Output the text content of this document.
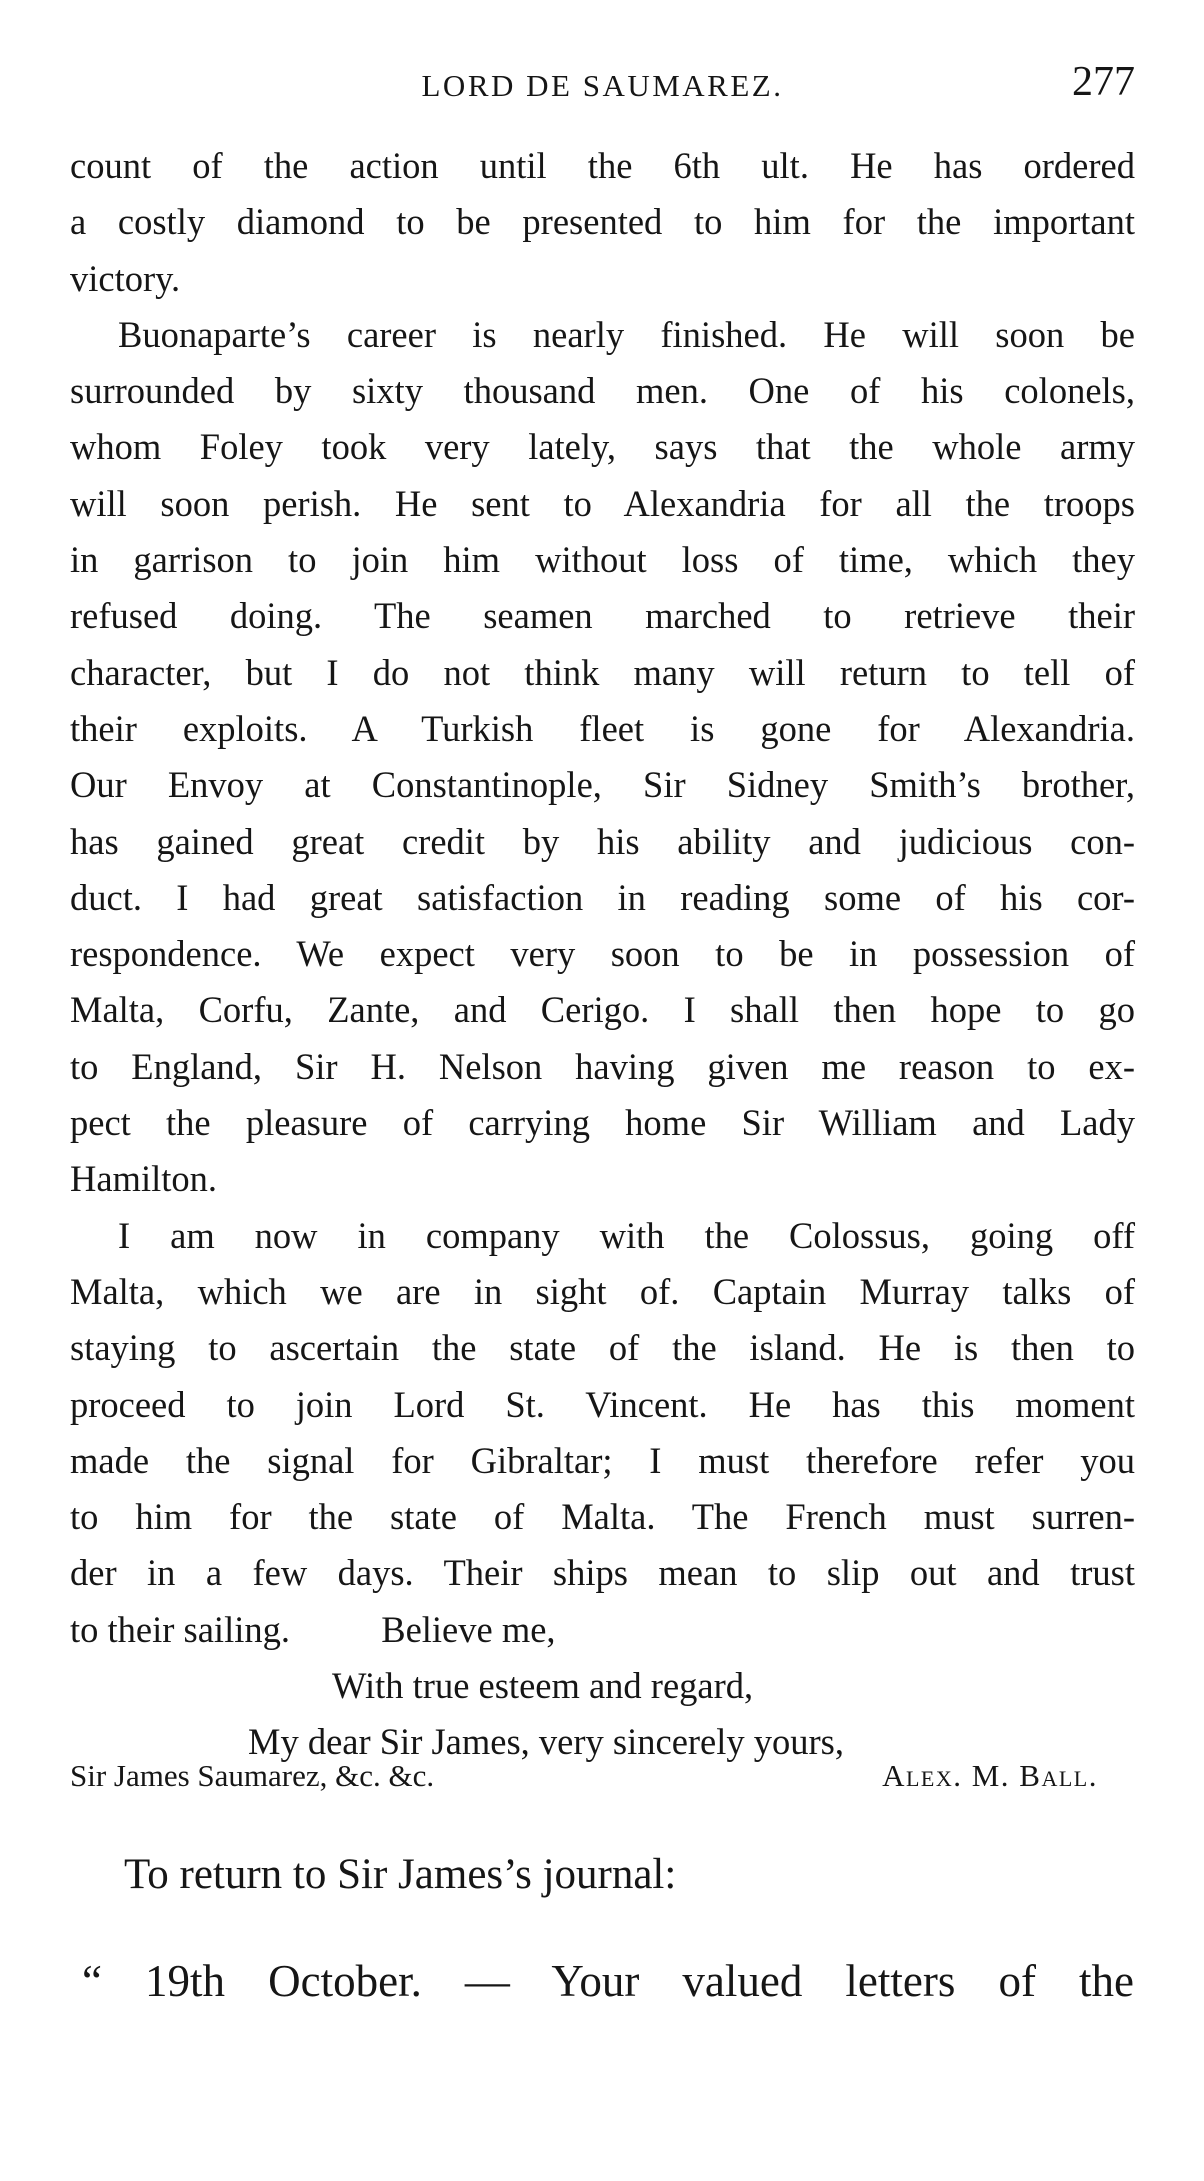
LORD DE SAUMAREZ.	277
count of the action until the 6th ult. He has ordered
a costly diamond to be presented to him for the important
victory.
Buonaparte’s career is nearly finished. He will soon be
surrounded by sixty thousand men. One of his colonels,
whom Foley took very lately, says that the whole army
will soon perish. He sent to Alexandria for all the troops
in garrison to join him without loss of time, which they
refused doing. The seamen marched to retrieve their
character, but I do not think many will return to tell of
their exploits. A Turkish fleet is gone for Alexandria.
Our Envoy at Constantinople, Sir Sidney Smith’s brother,
has gained great credit by his ability and judicious con-
duct. I had great satisfaction in reading some of his cor-
respondence. We expect very soon to be in possession of
Malta, Corfu, Zante, and Cerigo. I shall then hope to go
to England, Sir H. Nelson having given me reason to ex-
pect the pleasure of carrying home Sir William and Lady
Hamilton.
I am now in company with the Colossus, going off
Malta, which we are in sight of. Captain Murray talks of
staying to ascertain the state of the island. He is then to
proceed to join Lord St. Vincent. He has this moment
made the signal for Gibraltar; I must therefore refer you
to him for the state of Malta. The French must surren-
der in a few days. Their ships mean to slip out and trust
to their sailing.          Believe me,
With true esteem and regard,
My dear Sir James, very sincerely yours,
Sir James Saumarez, &c. &c.	Alex. M. Ball.
To return to Sir James’s journal:
“ 19th October. — Your valued letters of the
